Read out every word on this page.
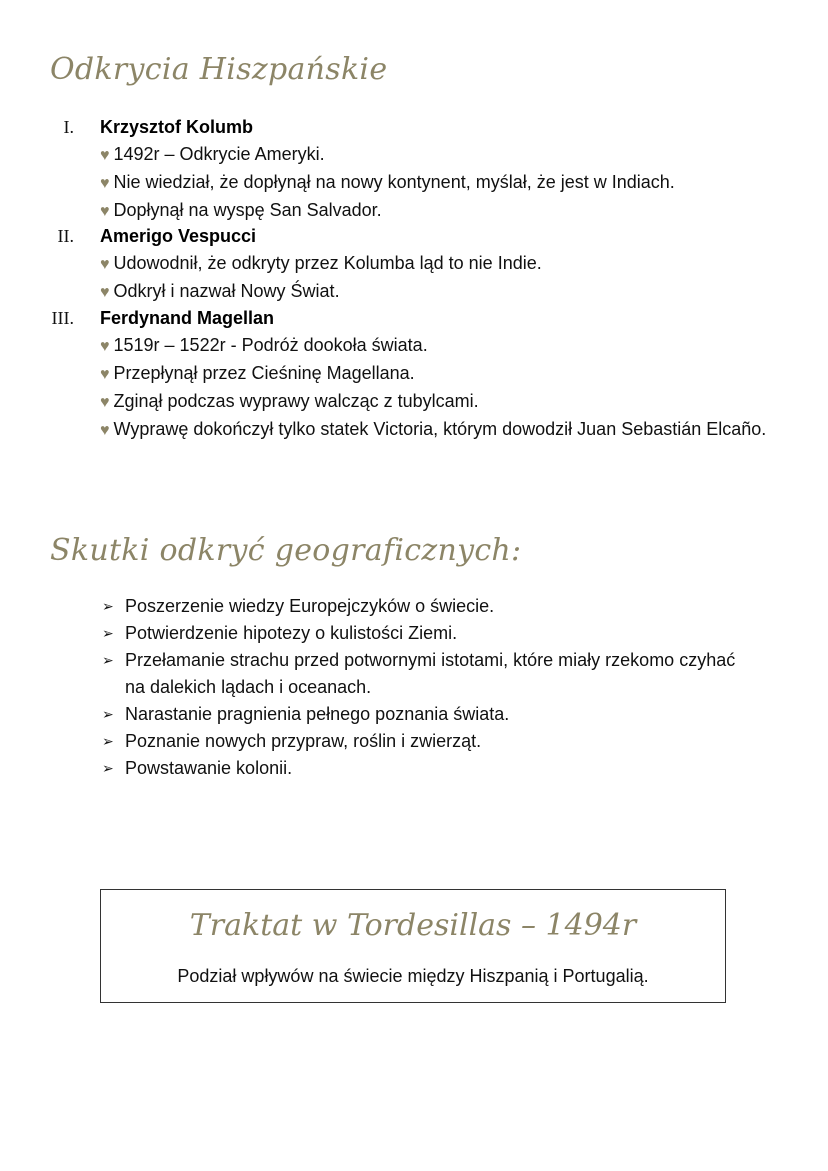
Odkrycia Hiszpańskie
I. Krzysztof Kolumb
♥ 1492r – Odkrycie Ameryki.
♥ Nie wiedział, że dopłynął na nowy kontynent, myślał, że jest w Indiach.
♥ Dopłynął na wyspę San Salvador.
II. Amerigo Vespucci
♥ Udowodnił, że odkryty przez Kolumba ląd to nie Indie.
♥ Odkrył i nazwał Nowy Świat.
III. Ferdynand Magellan
♥ 1519r – 1522r - Podróż dookoła świata.
♥ Przepłynął przez Cieśninę Magellana.
♥ Zginął podczas wyprawy walcząc z tubylcami.
♥ Wyprawę dokończył tylko statek Victoria, którym dowodził Juan Sebastián Elcaño.
Skutki odkryć geograficznych:
➢ Poszerzenie wiedzy Europejczyków o świecie.
➢ Potwierdzenie hipotezy o kulistości Ziemi.
➢ Przełamanie strachu przed potwornymi istotami, które miały rzekomo czyhać na dalekich lądach i oceanach.
➢ Narastanie pragnienia pełnego poznania świata.
➢ Poznanie nowych przypraw, roślin i zwierząt.
➢ Powstawanie kolonii.
Traktat w Tordesillas – 1494r
Podział wpływów na świecie między Hiszpanią i Portugalią.
